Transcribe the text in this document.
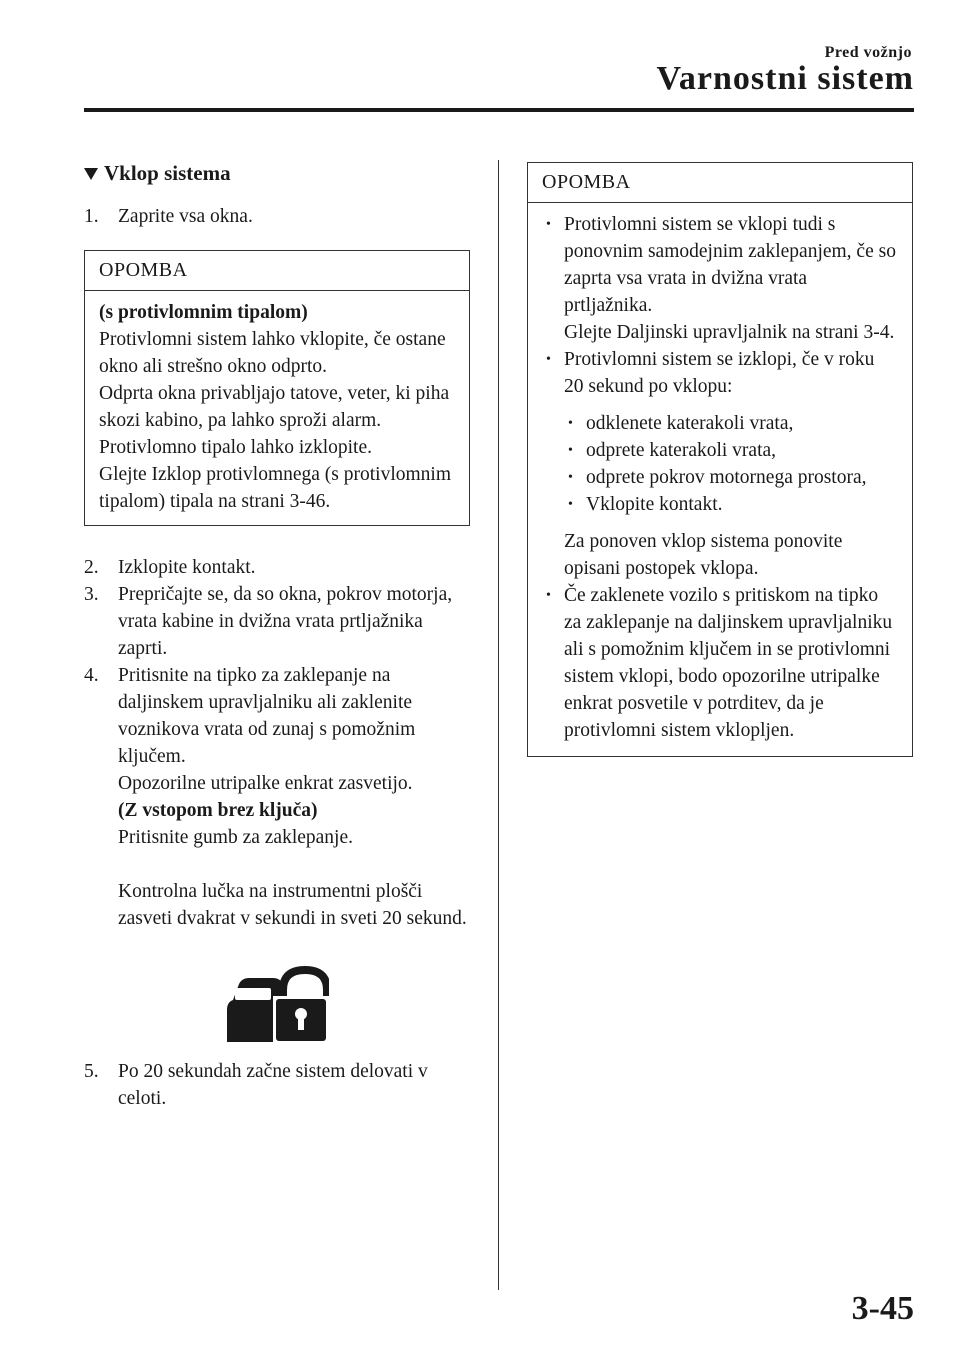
Pred vožnjo
Varnostni sistem
Vklop sistema
1. Zaprite vsa okna.
OPOMBA
(s protivlomnim tipalom)
Protivlomni sistem lahko vklopite, če ostane okno ali strešno okno odprto.
Odprta okna privabljajo tatove, veter, ki piha skozi kabino, pa lahko sproži alarm.
Protivlomno tipalo lahko izklopite.
Glejte Izklop protivlomnega (s protivlomnim tipalom) tipala na strani 3-46.
2. Izklopite kontakt.
3. Prepričajte se, da so okna, pokrov motorja, vrata kabine in dvižna vrata prtljažnika zaprti.
4. Pritisnite na tipko za zaklepanje na daljinskem upravljalniku ali zaklenite voznikova vrata od zunaj s pomožnim ključem.
Opozorilne utripalke enkrat zasvetijo.
(Z vstopom brez ključa)
Pritisnite gumb za zaklepanje.
Kontrolna lučka na instrumentni plošči zasveti dvakrat v sekundi in sveti 20 sekund.
5. Po 20 sekundah začne sistem delovati v celoti.
OPOMBA
• Protivlomni sistem se vklopi tudi s ponovnim samodejnim zaklepanjem, če so zaprta vsa vrata in dvižna vrata prtljažnika.
Glejte Daljinski upravljalnik na strani 3-4.
• Protivlomni sistem se izklopi, če v roku 20 sekund po vklopu:
• odklenete katerakoli vrata,
• odprete katerakoli vrata,
• odprete pokrov motornega prostora,
• Vklopite kontakt.
Za ponoven vklop sistema ponovite opisani postopek vklopa.
• Če zaklenete vozilo s pritiskom na tipko za zaklepanje na daljinskem upravljalniku ali s pomožnim ključem in se protivlomni sistem vklopi, bodo opozorilne utripalke enkrat posvetile v potrditev, da je protivlomni sistem vklopljen.
3-45
